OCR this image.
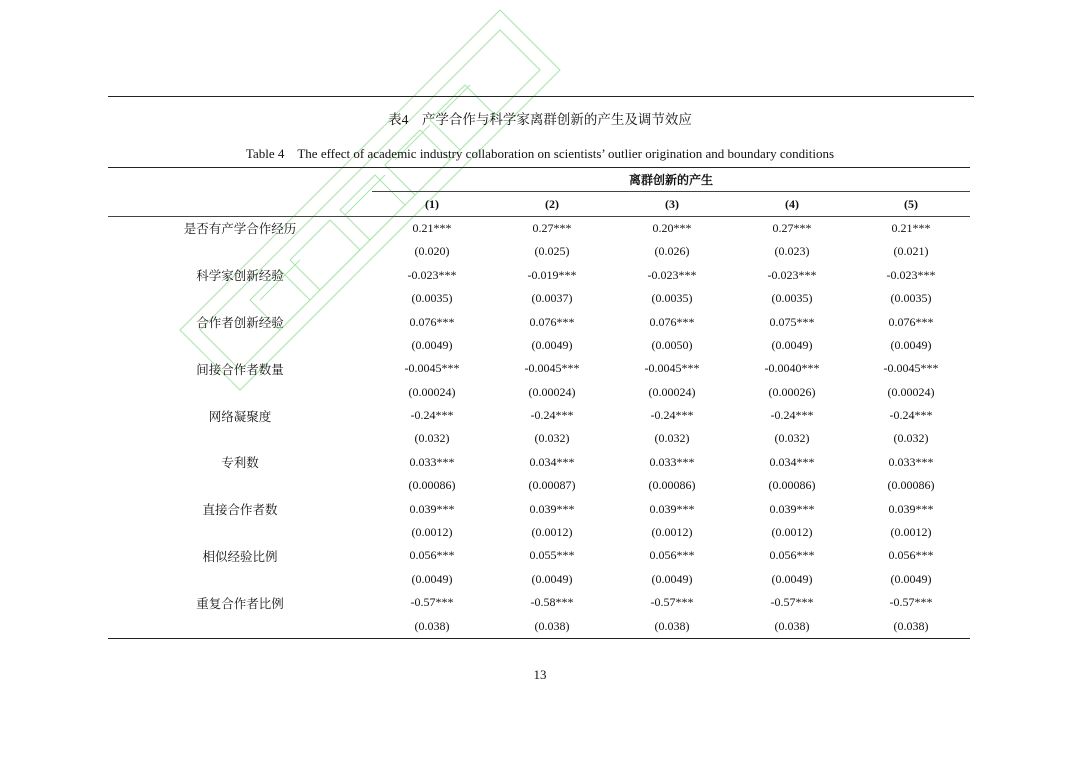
表4　产学合作与科学家离群创新的产生及调节效应
Table 4　The effect of academic industry collaboration on scientists’ outlier origination and boundary conditions
	离群创新的产生				
	(1)	(2)	(3)	(4)	(5)
是否有产学合作经历	0.21***	0.27***	0.20***	0.27***	0.21***
	(0.020)	(0.025)	(0.026)	(0.023)	(0.021)
科学家创新经验	-0.023***	-0.019***	-0.023***	-0.023***	-0.023***
	(0.0035)	(0.0037)	(0.0035)	(0.0035)	(0.0035)
合作者创新经验	0.076***	0.076***	0.076***	0.075***	0.076***
	(0.0049)	(0.0049)	(0.0050)	(0.0049)	(0.0049)
间接合作者数量	-0.0045***	-0.0045***	-0.0045***	-0.0040***	-0.0045***
	(0.00024)	(0.00024)	(0.00024)	(0.00026)	(0.00024)
网络凝聚度	-0.24***	-0.24***	-0.24***	-0.24***	-0.24***
	(0.032)	(0.032)	(0.032)	(0.032)	(0.032)
专利数	0.033***	0.034***	0.033***	0.034***	0.033***
	(0.00086)	(0.00087)	(0.00086)	(0.00086)	(0.00086)
直接合作者数	0.039***	0.039***	0.039***	0.039***	0.039***
	(0.0012)	(0.0012)	(0.0012)	(0.0012)	(0.0012)
相似经验比例	0.056***	0.055***	0.056***	0.056***	0.056***
	(0.0049)	(0.0049)	(0.0049)	(0.0049)	(0.0049)
重复合作者比例	-0.57***	-0.58***	-0.57***	-0.57***	-0.57***
	(0.038)	(0.038)	(0.038)	(0.038)	(0.038)
13
